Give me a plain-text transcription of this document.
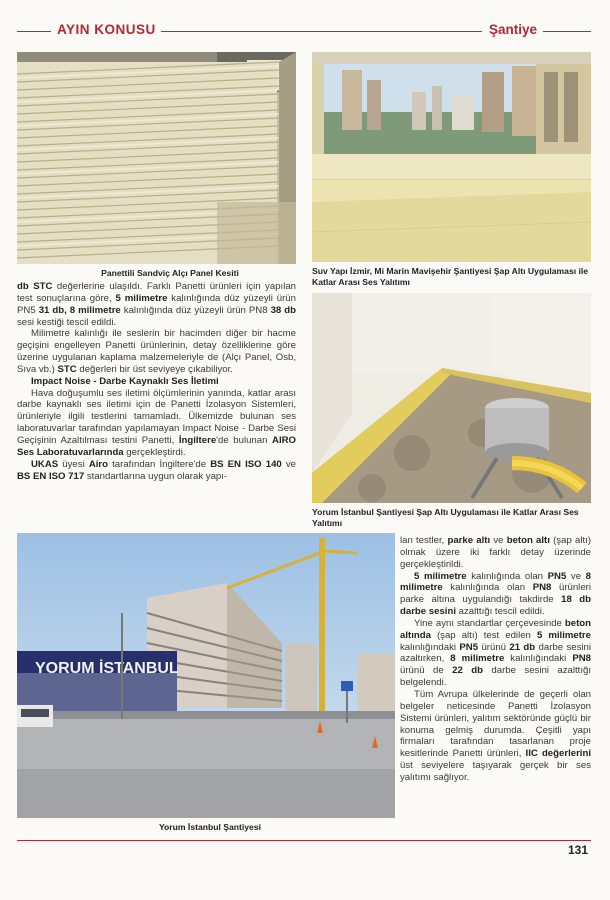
AYIN KONUSU	Şantiye
Panettili Sandviç Alçı Panel Kesiti	Suv Yapı İzmir, Mi Marin Mavişehir Şantiyesi Şap Altı Uygulaması ile Katlar Arası Ses Yalıtımı
Yorum İstanbul Şantiyesi Şap Altı Uygulaması ile Katlar Arası Ses Yalıtımı
YORUM İSTANBUL
Yorum İstanbul Şantiyesi

db STC değerlerine ulaşıldı. Farklı Panetti ürünleri için yapılan test sonuçlarına göre, 5 milimetre kalınlığında düz yüzeyli ürün PN5 31 db, 8 milimetre kalınlığında düz yüzeyli ürün PN8 38 db sesi kestiği tescil edildi.

Milimetre kalınlığı ile seslerin bir hacimden diğer bir hacme geçişini engelleyen Panetti ürünlerinin, detay özelliklerine göre üzerine uygulanan kaplama malzemeleriyle de (Alçı Panel, Osb, Sıva vb.) STC değerleri bir üst seviyeye çıkabiliyor.

Impact Noise - Darbe Kaynaklı Ses İletimi

Hava doğuşumlu ses iletimi ölçümlerinin yanında, katlar arası darbe kaynaklı ses iletimi için de Panetti İzolasyon Sistemleri, ürünleriyle ilgili testlerini tamamladı. Ülkemizde bulunan ses laboratuvarlar tarafından yapılamayan Impact Noise - Darbe Sesi Geçişinin Azaltılması testini Panetti, İngiltere'de bulunan AIRO Ses Laboratuvarlarında gerçekleştirdi.

UKAS üyesi Airo tarafından İngiltere'de BS EN ISO 140 ve BS EN ISO 717 standartlarına uygun olarak yapı-

lan testler, parke altı ve beton altı (şap altı) olmak üzere iki farklı detay üzerinde gerçekleştirildi.

5 milimetre kalınlığında olan PN5 ve 8 milimetre kalınlığında olan PN8 ürünleri parke altına uygulandığı takdirde 18 db darbe sesini azalttığı tescil edildi.

Yine aynı standartlar çerçevesinde beton altında (şap altı) test edilen 5 milimetre kalınlığındaki PN5 ürünü 21 db darbe sesini azaltırken, 8 milimetre kalınlığındaki PN8 ürünü de 22 db darbe sesini azalttığı belgelendi.

Tüm Avrupa ülkelerinde de geçerli olan belgeler neticesinde Panetti İzolasyon Sistemi ürünleri, yalıtım sektöründe güçlü bir konuma gelmiş durumda. Çeşitli yapı firmaları tarafından tasarlanan proje kesitlerinde Panetti ürünleri, IIC değerlerini üst seviyelere taşıyarak gerçek bir ses yalıtımı sağlıyor.

131
